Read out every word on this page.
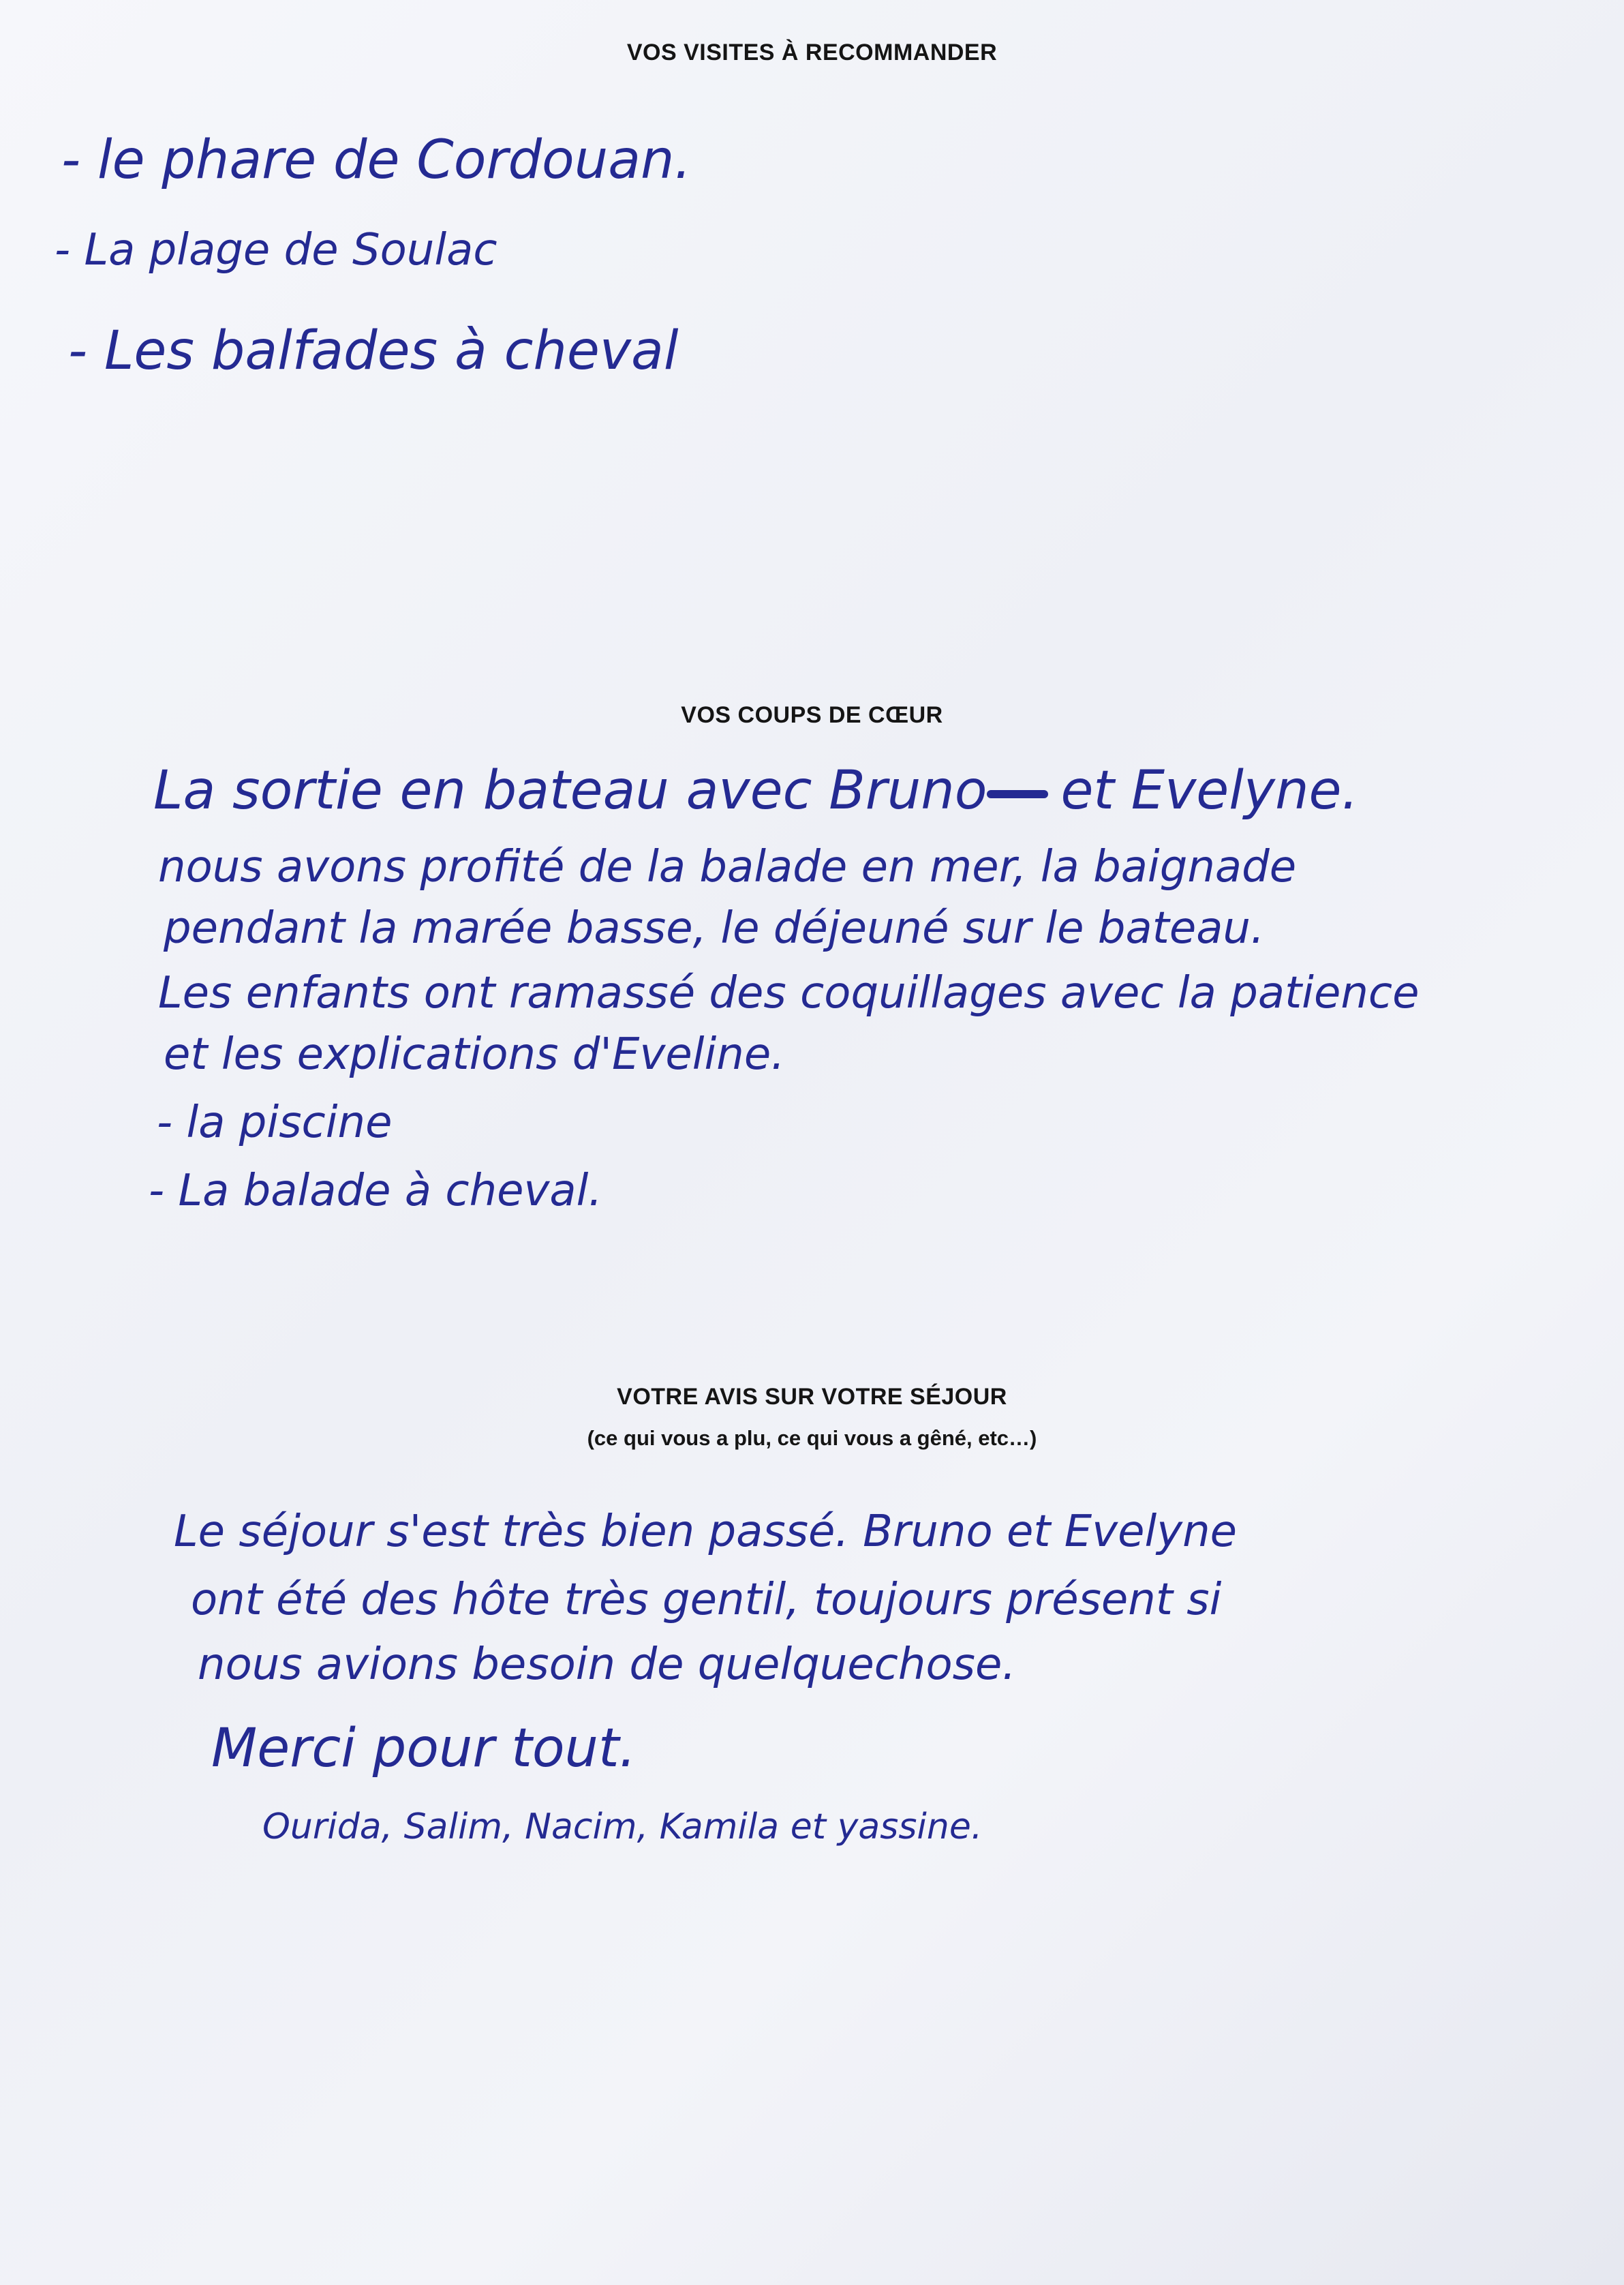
VOS VISITES À RECOMMANDER
- le phare de Cordouan.
- La plage de Soulac
- Les balfades à cheval
VOS COUPS DE CŒUR
La sortie en bateau avec Bruno et Evelyne.
nous avons profité de la balade en mer, la baignade
pendant la marée basse, le déjeuné sur le bateau.
Les enfants ont ramassé des coquillages avec la patience
et les explications d'Eveline.
- la piscine
- La balade à cheval.
VOTRE AVIS SUR VOTRE SÉJOUR
(ce qui vous a plu, ce qui vous a gêné, etc…)
Le séjour s'est très bien passé. Bruno et Evelyne
ont été des hôte très gentil, toujours présent si
nous avions besoin de quelquechose.
Merci pour tout.
Ourida, Salim, Nacim, Kamila et yassine.
